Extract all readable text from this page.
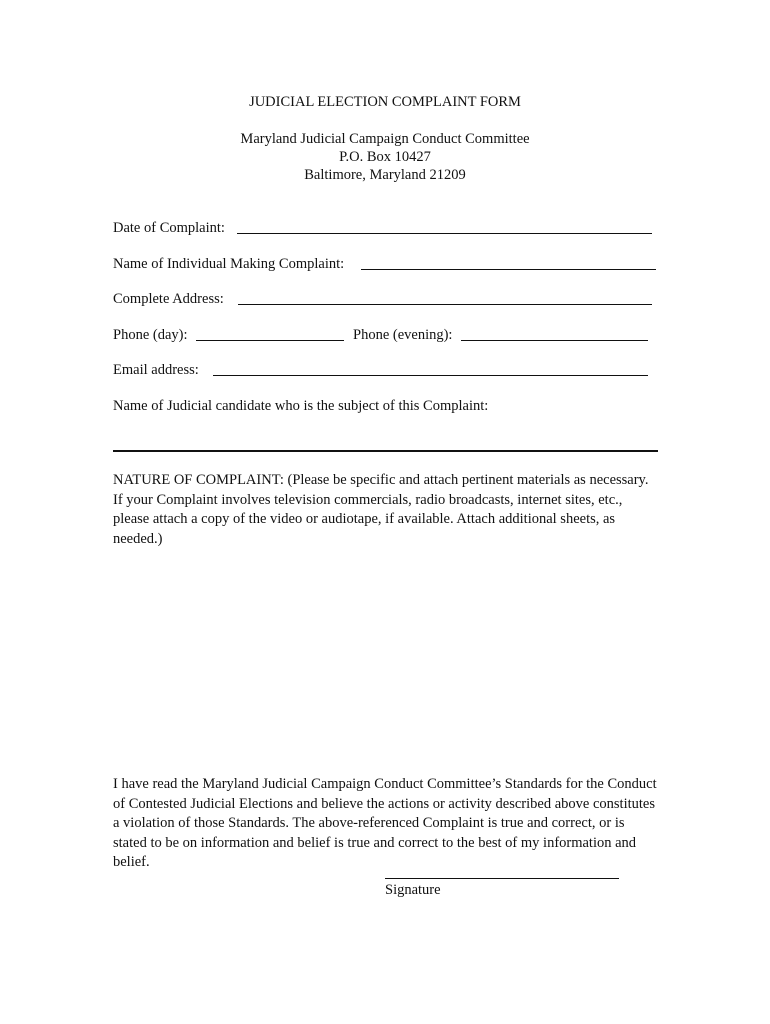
JUDICIAL ELECTION COMPLAINT FORM
Maryland Judicial Campaign Conduct Committee
P.O. Box 10427
Baltimore, Maryland 21209
Date of Complaint:
Name of Individual Making Complaint:
Complete Address:
Phone (day):	Phone (evening):
Email address:
Name of Judicial candidate who is the subject of this Complaint:
NATURE OF COMPLAINT: (Please be specific and attach pertinent materials as necessary. If your Complaint involves television commercials, radio broadcasts, internet sites, etc., please attach a copy of the video or audiotape, if available. Attach additional sheets, as needed.)
I have read the Maryland Judicial Campaign Conduct Committee’s Standards for the Conduct of Contested Judicial Elections and believe the actions or activity described above constitutes a violation of those Standards. The above-referenced Complaint is true and correct, or is stated to be on information and belief is true and correct to the best of my information and belief.
Signature
